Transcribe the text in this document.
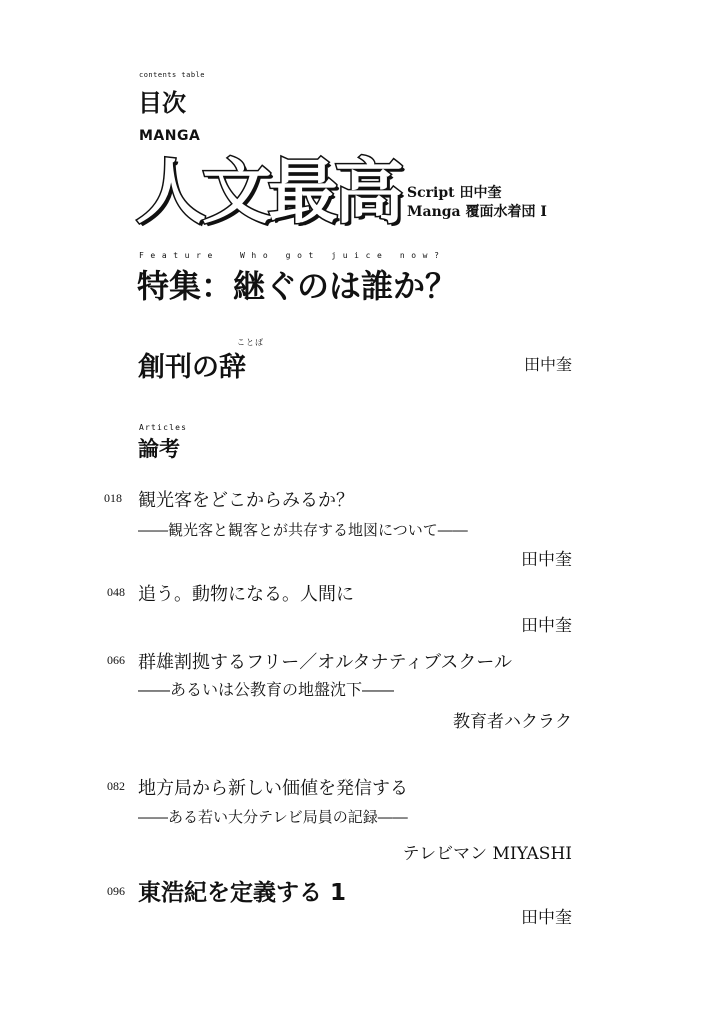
contents table
目次
MANGA
人文最高 Script 田中奎
Manga 覆面水着団 I
Feature	Who got juice now?
特集：継ぐのは誰か？
ことば
創刊の辞	田中奎
Articles
論考
018 観光客をどこからみるか？
――観光客と観客とが共存する地図について――
田中奎
048 追う。動物になる。人間に
田中奎
066 群雄割拠するフリー／オルタナティブスクール
――あるいは公教育の地盤沈下――
教育者ハクラク
082 地方局から新しい価値を発信する
――ある若い大分テレビ局員の記録――
テレビマン MIYASHI
096 東浩紀を定義する 1
田中奎
